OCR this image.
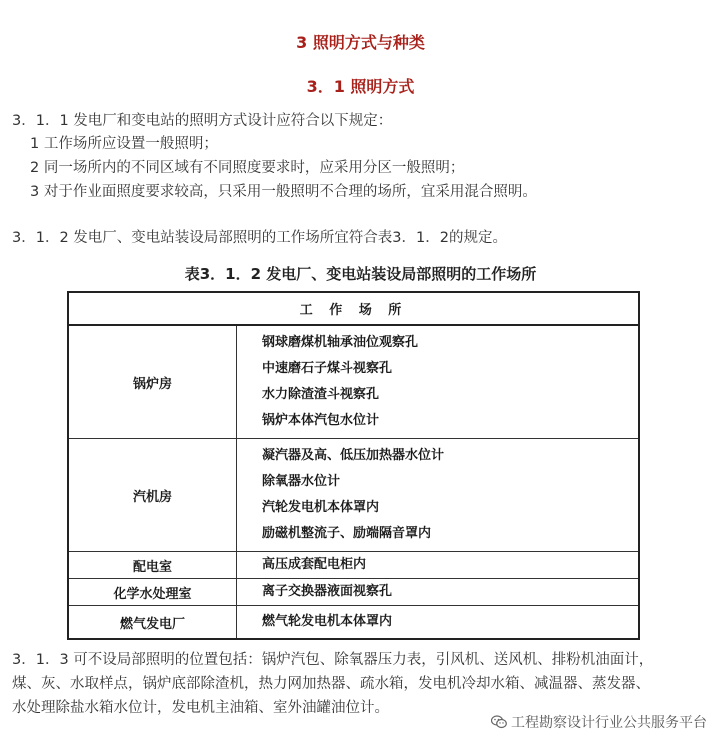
3 照明方式与种类
3．1 照明方式
3．1．1 发电厂和变电站的照明方式设计应符合以下规定：
1 工作场所应设置一般照明；
2 同一场所内的不同区域有不同照度要求时，应采用分区一般照明；
3 对于作业面照度要求较高，只采用一般照明不合理的场所，宜采用混合照明。
3．1．2 发电厂、变电站装设局部照明的工作场所宜符合表3．1．2的规定。
表3．1．2 发电厂、变电站装设局部照明的工作场所
工 作 场 所	
锅炉房	钢球磨煤机轴承油位观察孔
中速磨石子煤斗视察孔
水力除渣渣斗视察孔
锅炉本体汽包水位计

汽机房	凝汽器及高、低压加热器水位计
除氧器水位计
汽轮发电机本体罩内
励磁机整流子、励端隔音罩内

配电室	高压成套配电柜内

化学水处理室	离子交换器液面视察孔

燃气发电厂	燃气轮发电机本体罩内
3．1．3 可不设局部照明的位置包括：锅炉汽包、除氧器压力表，引风机、送风机、排粉机油面计，
煤、灰、水取样点，锅炉底部除渣机，热力网加热器、疏水箱，发电机冷却水箱、减温器、蒸发器、
水处理除盐水箱水位计，发电机主油箱、室外油罐油位计。
工程勘察设计行业公共服务平台
